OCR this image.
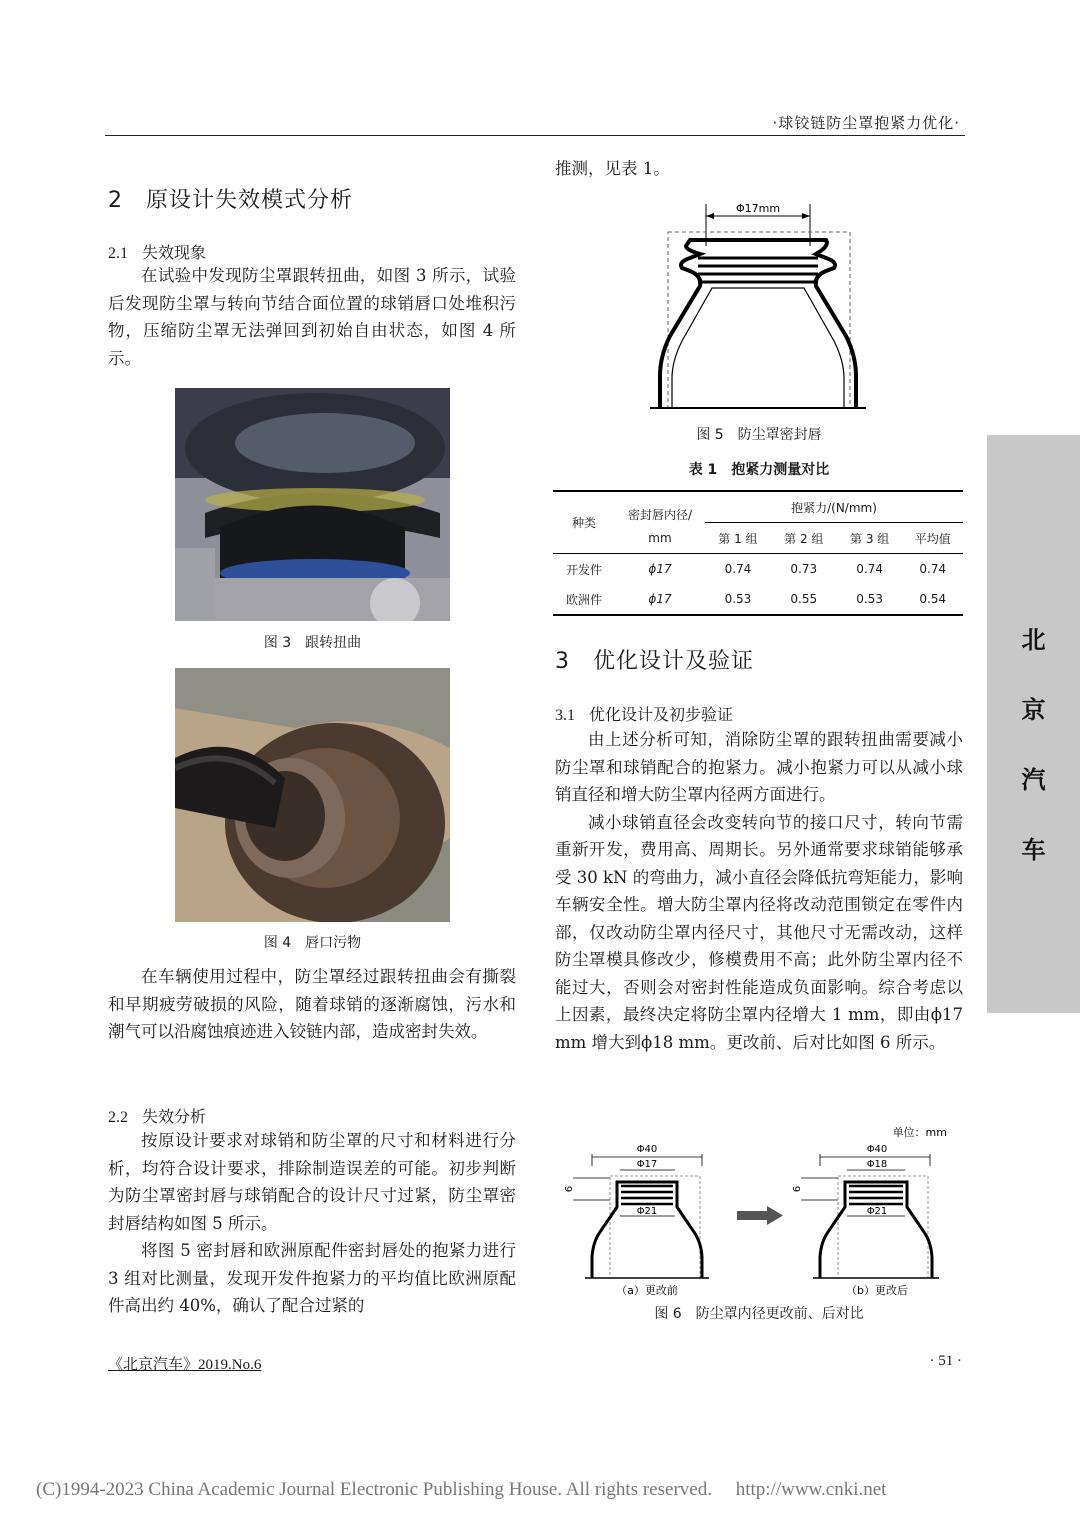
·球铰链防尘罩抱紧力优化·
2　原设计失效模式分析
2.1 失效现象

在试验中发现防尘罩跟转扭曲，如图 3 所示，试验后发现防尘罩与转向节结合面位置的球销唇口处堆积污物，压缩防尘罩无法弹回到初始自由状态，如图 4 所示。

图 3　跟转扭曲
图 4　唇口污物

在车辆使用过程中，防尘罩经过跟转扭曲会有撕裂和早期疲劳破损的风险，随着球销的逐渐腐蚀，污水和潮气可以沿腐蚀痕迹进入铰链内部，造成密封失效。

2.2 失效分析

按原设计要求对球销和防尘罩的尺寸和材料进行分析，均符合设计要求，排除制造误差的可能。初步判断为防尘罩密封唇与球销配合的设计尺寸过紧，防尘罩密封唇结构如图 5 所示。

将图 5 密封唇和欧洲原配件密封唇处的抱紧力进行 3 组对比测量，发现开发件抱紧力的平均值比欧洲原配件高出约 40%，确认了配合过紧的

推测，见表 1。

Φ17mm
图 5　防尘罩密封唇
表 1　抱紧力测量对比
种类	密封唇内径/	抱紧力/(N/mm)			
	mm	第 1 组	第 2 组	第 3 组	平均值
开发件	ϕ17	0.74	0.73	0.74	0.74
欧洲件	ϕ17	0.53	0.55	0.53	0.54
3　优化设计及验证
3.1 优化设计及初步验证

由上述分析可知，消除防尘罩的跟转扭曲需要减小防尘罩和球销配合的抱紧力。减小抱紧力可以从减小球销直径和增大防尘罩内径两方面进行。

减小球销直径会改变转向节的接口尺寸，转向节需重新开发，费用高、周期长。另外通常要求球销能够承受 30 kN 的弯曲力，减小直径会降低抗弯矩能力，影响车辆安全性。增大防尘罩内径将改动范围锁定在零件内部，仅改动防尘罩内径尺寸，其他尺寸无需改动，这样防尘罩模具修改少，修模费用不高；此外防尘罩内径不能过大，否则会对密封性能造成负面影响。综合考虑以上因素，最终决定将防尘罩内径增大 1 mm，即由ϕ17 mm 增大到ϕ18 mm。更改前、后对比如图 6 所示。

单位：mm
Φ40
Φ17
6
Φ21
Φ40
Φ18
6
Φ21
（a）更改前	（b）更改后
图 6　防尘罩内径更改前、后对比
北
京
汽
车
《北京汽车》2019.No.6	· 51 ·
(C)1994-2023 China Academic Journal Electronic Publishing House. All rights reserved.　 http://www.cnki.net
